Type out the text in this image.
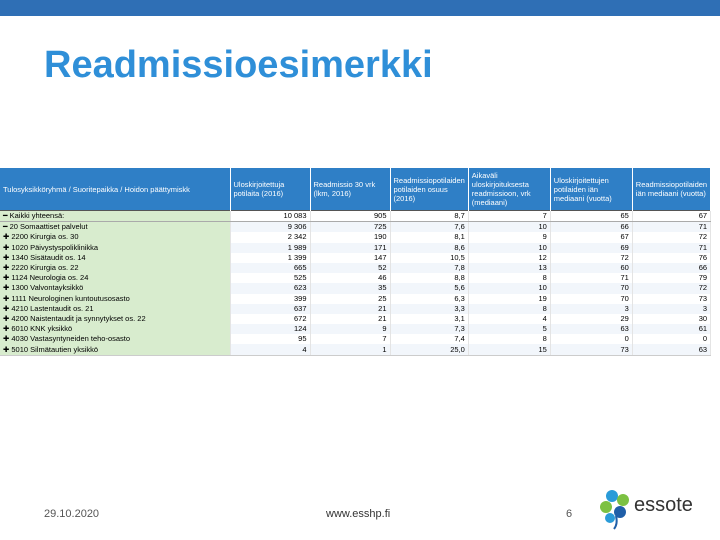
Readmissioesimerkki
Tulosyksikköryhmä / Suoritepaikka / Hoidon päättymiskk	Uloskirjoitettuja potilaita (2016)	Readmissio 30 vrk (lkm, 2016)	Readmissiopotilaiden potilaiden osuus (2016)	Aikaväli uloskirjoituksesta readmissioon, vrk (mediaani)	Uloskirjoitettujen potilaiden iän mediaani (vuotta)	Readmissiopotilaiden iän mediaani (vuotta)
━ Kaikki yhteensä:	10 083	905	8,7	7	65	67
━ 20 Somaattiset palvelut	9 306	725	7,6	10	66	71
✚ 2200 Kirurgia os. 30	2 342	190	8,1	9	67	72
✚ 1020 Päivystyspoliklinikka	1 989	171	8,6	10	69	71
✚ 1340 Sisätaudit os. 14	1 399	147	10,5	12	72	76
✚ 2220 Kirurgia os. 22	665	52	7,8	13	60	66
✚ 1124 Neurologia os. 24	525	46	8,8	8	71	79
✚ 1300 Valvontayksikkö	623	35	5,6	10	70	72
✚ 1111 Neurologinen kuntoutusosasto	399	25	6,3	19	70	73
✚ 4210 Lastentaudit os. 21	637	21	3,3	8	3	3
✚ 4200 Naistentaudit ja synnytykset os. 22	672	21	3,1	4	29	30
✚ 6010 KNK yksikkö	124	9	7,3	5	63	61
✚ 4030 Vastasyntyneiden teho-osasto	95	7	7,4	8	0	0
✚ 5010 Silmätautien yksikkö	4	1	25,0	15	73	63
29.10.2020	www.esshp.fi	6	essote
